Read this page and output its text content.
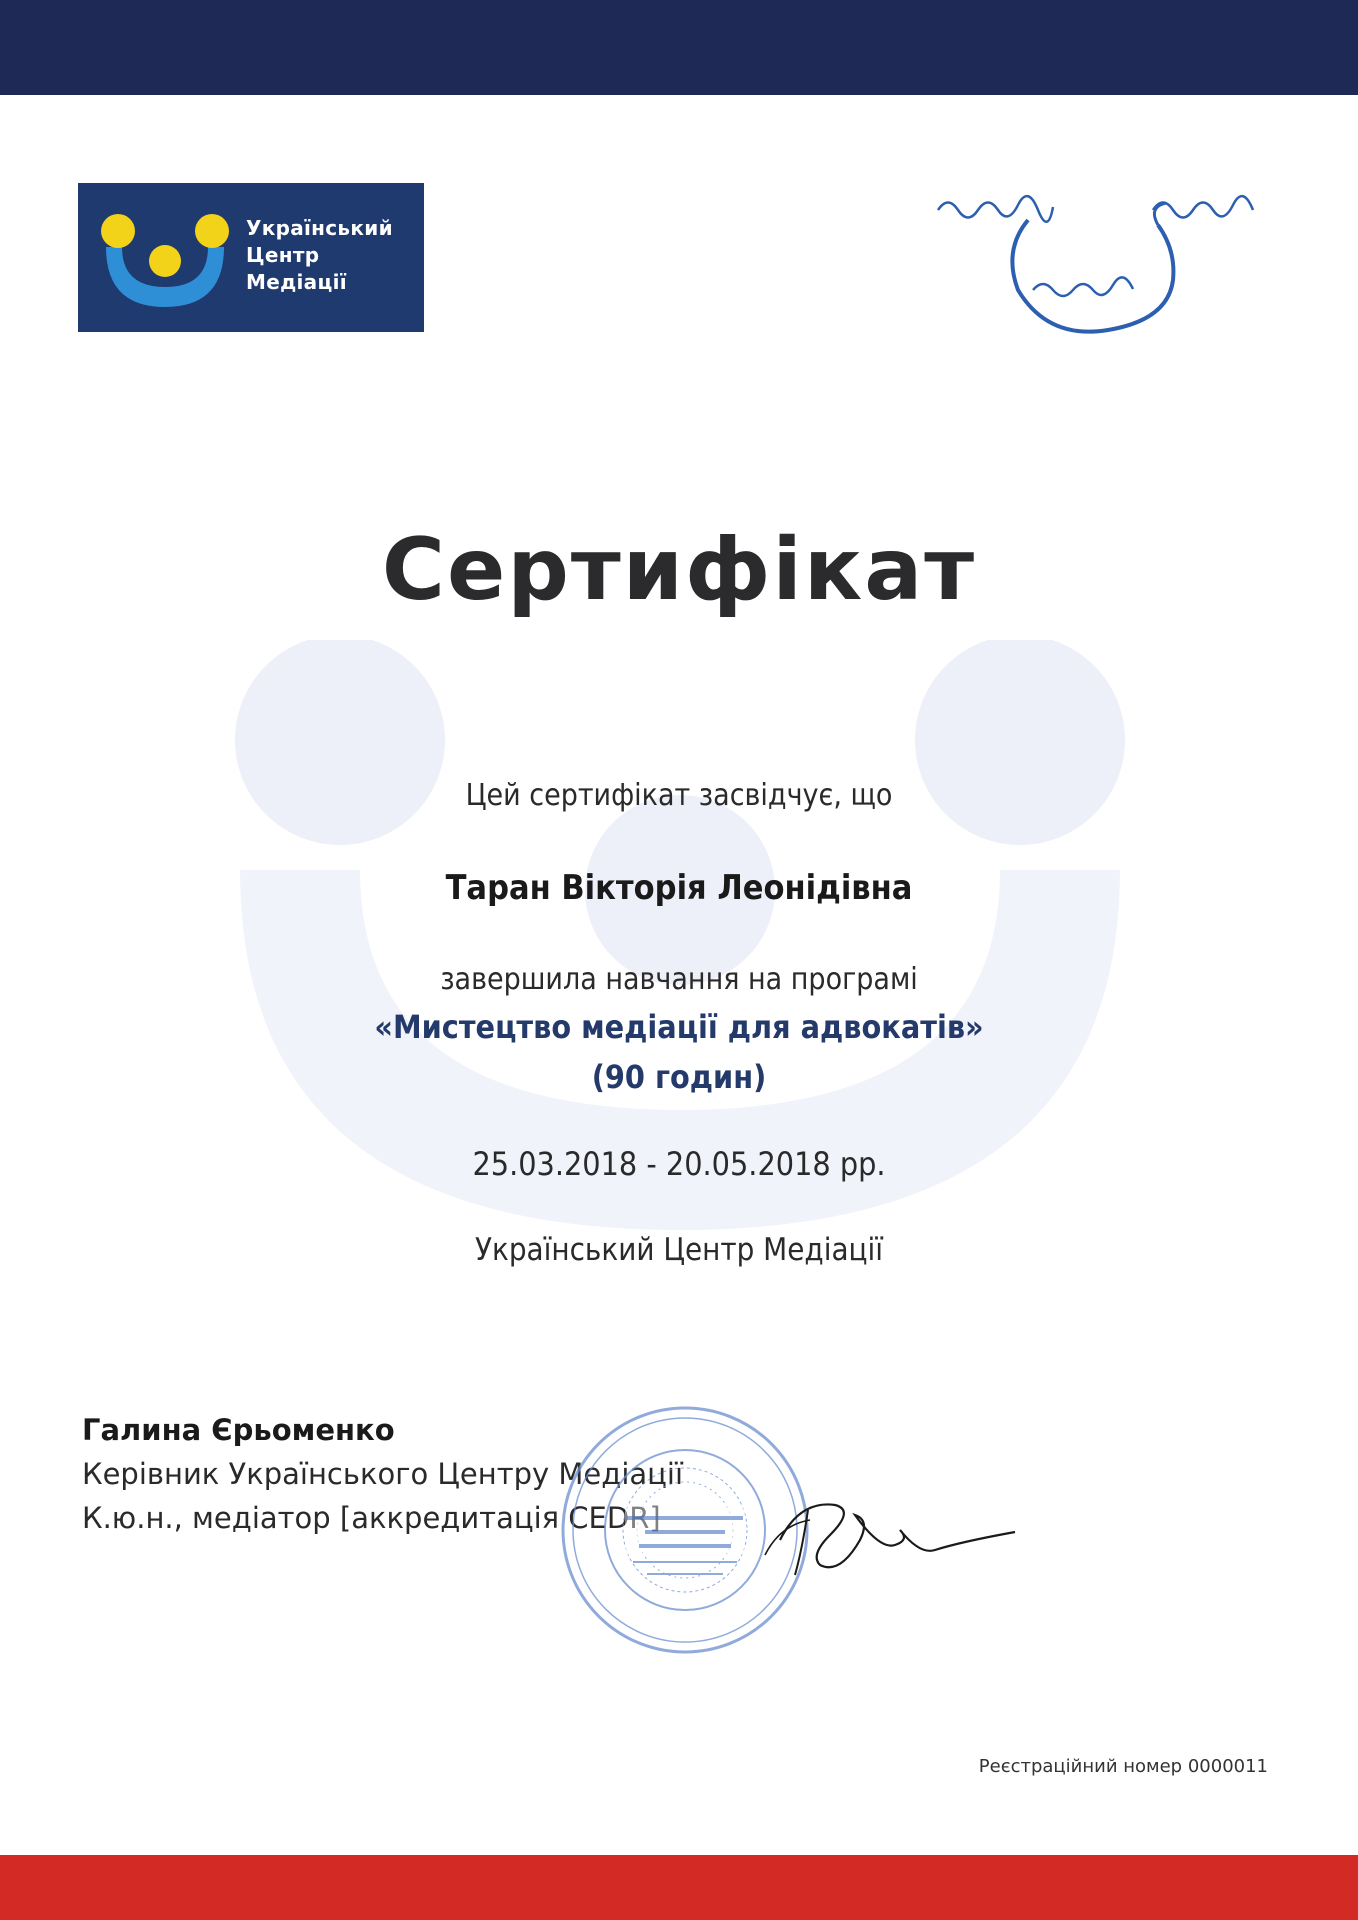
Український
Центр
Медіації
Сертифікат
Цей сертифікат засвідчує, що
Таран Вікторія Леонідівна
завершила навчання на програмі
«Мистецтво медіації для адвокатів»
(90 годин)
25.03.2018 - 20.05.2018 рр.
Український Центр Медіації
Галина Єрьоменко
Керівник Українського Центру Медіації
К.ю.н., медіатор [аккредитація CEDR]
Реєстраційний номер 0000011
